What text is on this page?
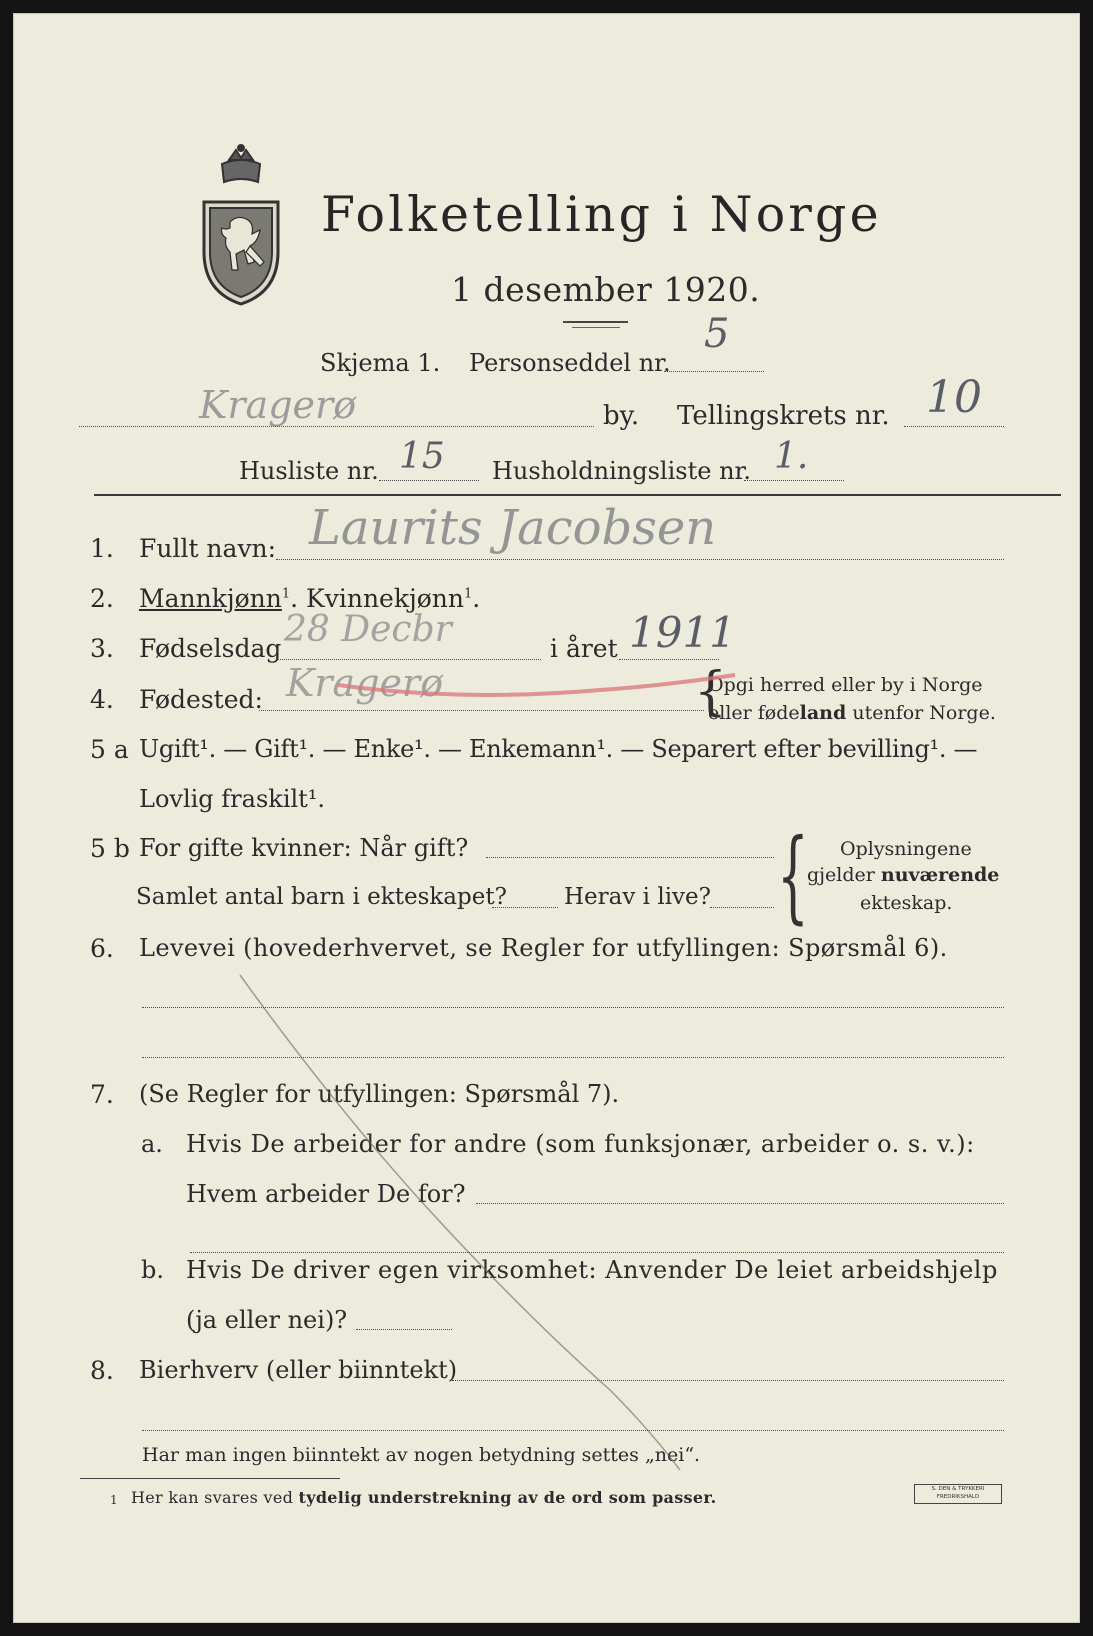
Folketelling i Norge
1 desember 1920.
Skjema 1. Personseddel nr.
5
Kragerø	by. Tellingskrets nr. 10
Husliste nr. 15 Husholdningsliste nr. 1.
1. Fullt navn: Laurits Jacobsen
2. Mannkjønn$^1$. Kvinnekjønn$^1$.
3. Fødselsdag 28 Decbr	i året 1911
4. Fødested: Kragerø	{
Opgi herred eller by i Norge
eller fødeland utenfor Norge.
5 a Ugift¹. — Gift¹. — Enke¹. — Enkemann¹. — Separert efter bevilling¹. —
Lovlig fraskilt¹.
5 b For gifte kvinner: Når gift?
Samlet antal barn i ekteskapet? Herav i live? { Oplysningene
gjelder nuværende
ekteskap.
6. Levevei (hovederhvervet, se Regler for utfyllingen: Spørsmål 6).
7. (Se Regler for utfyllingen: Spørsmål 7).
a. Hvis De arbeider for andre (som funksjonær, arbeider o. s. v.):
Hvem arbeider De for?
b. Hvis De driver egen virksomhet: Anvender De leiet arbeidshjelp
(ja eller nei)?
8. Bierhverv (eller biinntekt)
Har man ingen biinntekt av nogen betydning settes „nei“.
1 Her kan svares ved tydelig understrekning av de ord som passer.	S. DEN & TRYKKERI
FREDRIKSHALD
